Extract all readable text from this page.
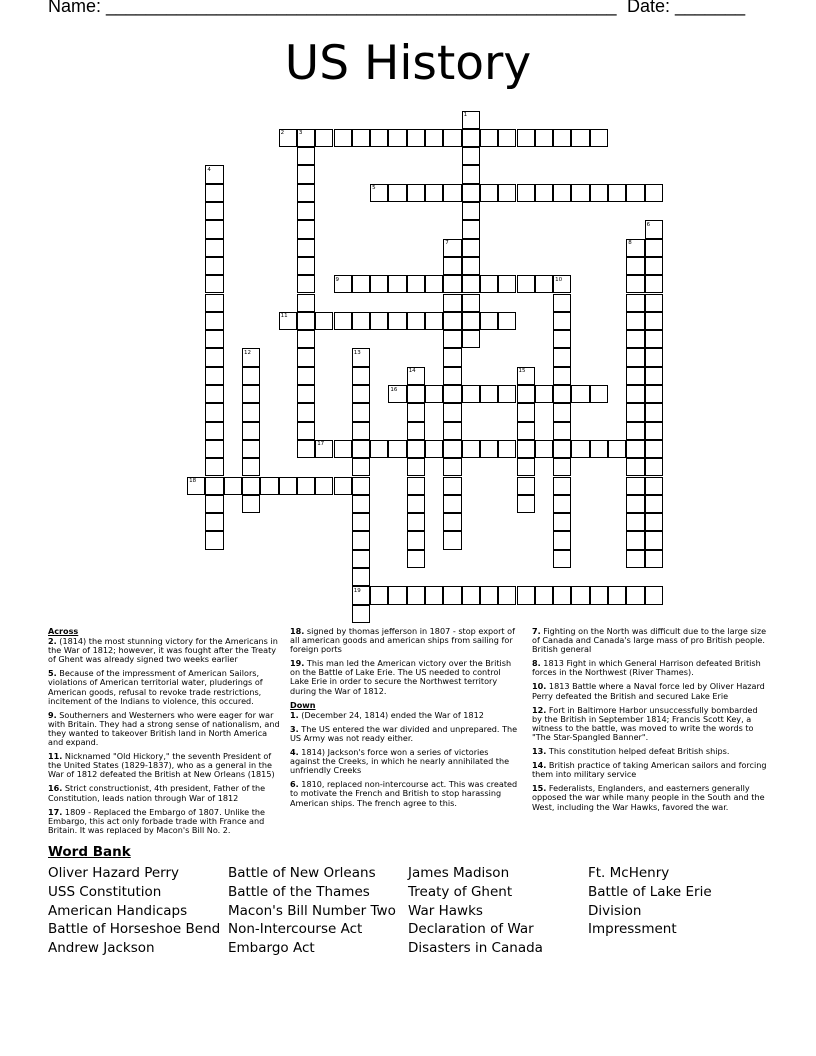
Name: ___________________________________________________ Date: _______
US History
1
2	3
4
5
6
7	8
9	10
11
12	13
14	15
16
17
18
19
Across
2. (1814) the most stunning victory for the Americans in the War of 1812; however, it was fought after the Treaty of Ghent was already signed two weeks earlier
5. Because of the impressment of American Sailors, violations of American territorial water, pluderings of American goods, refusal to revoke trade restrictions, incitement of the Indians to violence, this occured.
9. Southerners and Westerners who were eager for war with Britain. They had a strong sense of nationalism, and they wanted to takeover British land in North America and expand.
11. Nicknamed "Old Hickory," the seventh President of the United States (1829-1837), who as a general in the War of 1812 defeated the British at New Orleans (1815)
16. Strict constructionist, 4th president, Father of the Constitution, leads nation through War of 1812
17. 1809 - Replaced the Embargo of 1807. Unlike the Embargo, this act only forbade trade with France and Britain. It was replaced by Macon's Bill No. 2.
18. signed by thomas jefferson in 1807 - stop export of all american goods and american ships from sailing for foreign ports
19. This man led the American victory over the British on the Battle of Lake Erie. The US needed to control Lake Erie in order to secure the Northwest territory during the War of 1812.
Down
1. (December 24, 1814) ended the War of 1812
3. The US entered the war divided and unprepared. The US Army was not ready either.
4. 1814) Jackson's force won a series of victories against the Creeks, in which he nearly annihilated the unfriendly Creeks
6. 1810, replaced non-intercourse act. This was created to motivate the French and British to stop harassing American ships. The french agree to this.
7. Fighting on the North was difficult due to the large size of Canada and Canada's large mass of pro British people. British general
8. 1813 Fight in which General Harrison defeated British forces in the Northwest (River Thames).
10. 1813 Battle where a Naval force led by Oliver Hazard Perry defeated the British and secured Lake Erie
12. Fort in Baltimore Harbor unsuccessfully bombarded by the British in September 1814; Francis Scott Key, a witness to the battle, was moved to write the words to "The Star-Spangled Banner".
13. This constitution helped defeat British ships.
14. British practice of taking American sailors and forcing them into military service
15. Federalists, Englanders, and easterners generally opposed the war while many people in the South and the West, including the War Hawks, favored the war.
Word Bank
Oliver Hazard Perry
USS Constitution
American Handicaps
Battle of Horseshoe Bend
Andrew Jackson
Battle of New Orleans
Battle of the Thames
Macon's Bill Number Two
Non-Intercourse Act
Embargo Act
James Madison
Treaty of Ghent
War Hawks
Declaration of War
Disasters in Canada
Ft. McHenry
Battle of Lake Erie
Division
Impressment
